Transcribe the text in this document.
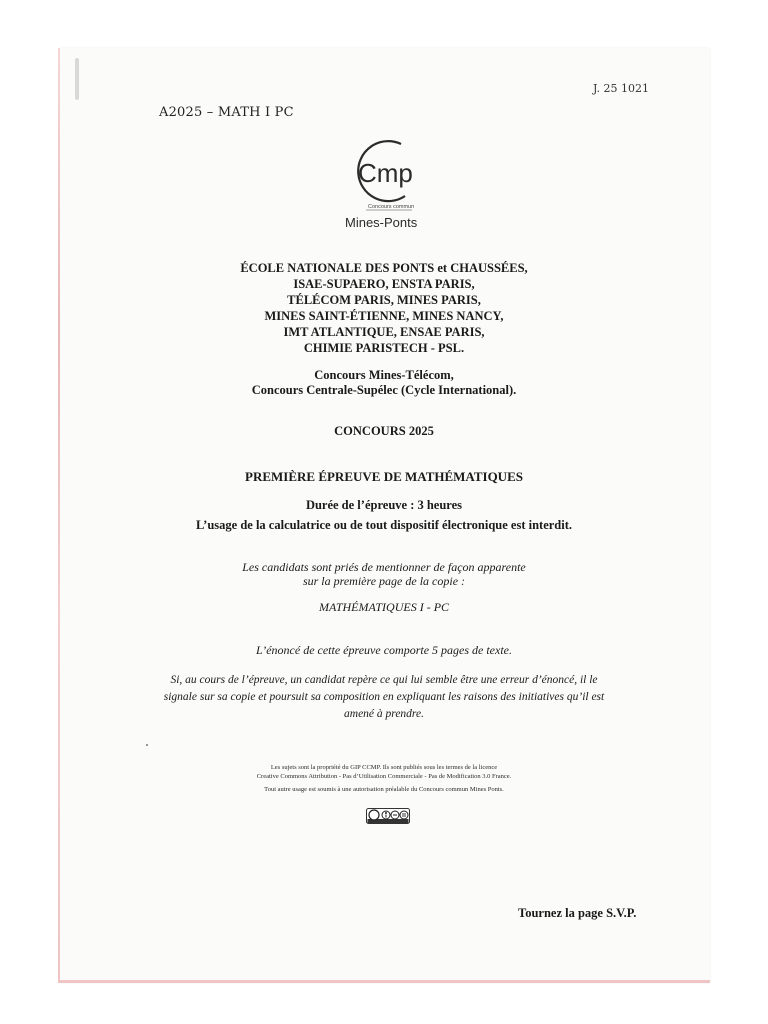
J. 25 1021
A2025 – MATH I PC
Cmp
Concours commun
Mines-Ponts
ÉCOLE NATIONALE DES PONTS et CHAUSSÉES,
ISAE-SUPAERO, ENSTA PARIS,
TÉLÉCOM PARIS, MINES PARIS,
MINES SAINT-ÉTIENNE, MINES NANCY,
IMT ATLANTIQUE, ENSAE PARIS,
CHIMIE PARISTECH - PSL.
Concours Mines-Télécom,
Concours Centrale-Supélec (Cycle International).
CONCOURS 2025
PREMIÈRE ÉPREUVE DE MATHÉMATIQUES
Durée de l’épreuve : 3 heures
L’usage de la calculatrice ou de tout dispositif électronique est interdit.
Les candidats sont priés de mentionner de façon apparente
sur la première page de la copie :
MATHÉMATIQUES I - PC
L’énoncé de cette épreuve comporte 5 pages de texte.
Si, au cours de l’épreuve, un candidat repère ce qui lui semble être une erreur d’énoncé, il le
signale sur sa copie et poursuit sa composition en expliquant les raisons des initiatives qu’il est
amené à prendre.
Les sujets sont la propriété du GIP CCMP. Ils sont publiés sous les termes de la licence
Creative Commons Attribution - Pas d’Utilisation Commerciale - Pas de Modification 3.0 France.
Tout autre usage est soumis à une autorisation préalable du Concours commun Mines Ponts.
Tournez la page S.V.P.
